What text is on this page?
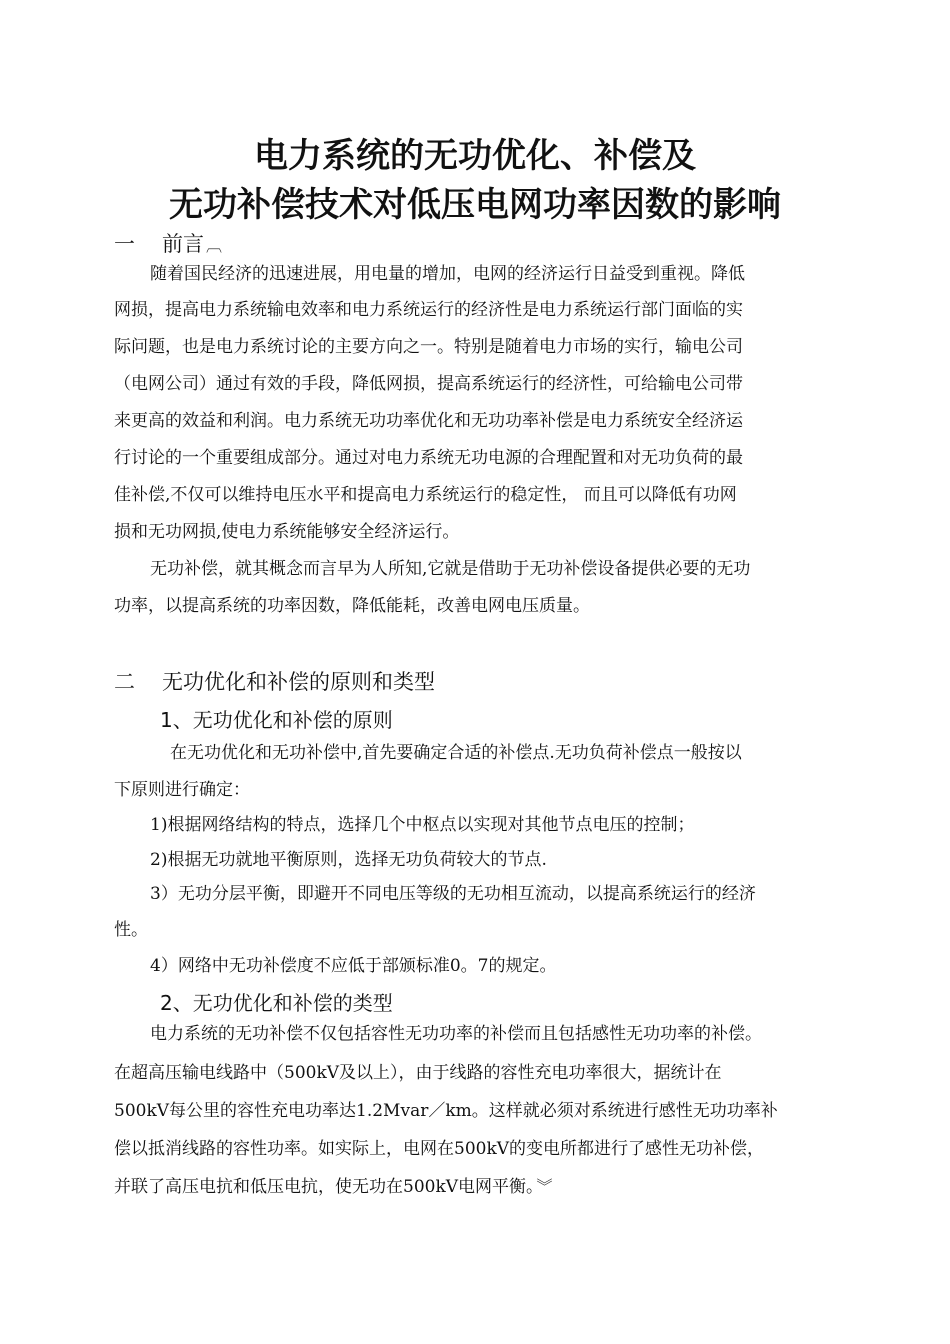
电力系统的无功优化、补偿及
无功补偿技术对低压电网功率因数的影响
一 前言 ︹
随着国民经济的迅速进展，用电量的增加，电网的经济运行日益受到重视。降低
网损，提高电力系统输电效率和电力系统运行的经济性是电力系统运行部门面临的实
际问题，也是电力系统讨论的主要方向之一。特别是随着电力市场的实行，输电公司
（电网公司）通过有效的手段，降低网损，提高系统运行的经济性，可给输电公司带
来更高的效益和利润。电力系统无功功率优化和无功功率补偿是电力系统安全经济运
行讨论的一个重要组成部分。通过对电力系统无功电源的合理配置和对无功负荷的最
佳补偿,不仅可以维持电压水平和提高电力系统运行的稳定性， 而且可以降低有功网
损和无功网损,使电力系统能够安全经济运行。
无功补偿，就其概念而言早为人所知,它就是借助于无功补偿设备提供必要的无功
功率，以提高系统的功率因数，降低能耗，改善电网电压质量。
二 无功优化和补偿的原则和类型
1、无功优化和补偿的原则
在无功优化和无功补偿中,首先要确定合适的补偿点.无功负荷补偿点一般按以
下原则进行确定：
1)根据网络结构的特点，选择几个中枢点以实现对其他节点电压的控制；
2)根据无功就地平衡原则，选择无功负荷较大的节点.
3）无功分层平衡，即避开不同电压等级的无功相互流动，以提高系统运行的经济
性。
4）网络中无功补偿度不应低于部颁标准0。7的规定。
2、无功优化和补偿的类型
电力系统的无功补偿不仅包括容性无功功率的补偿而且包括感性无功功率的补偿。
在超高压输电线路中（500kV及以上），由于线路的容性充电功率很大，据统计在
500kV每公里的容性充电功率达1.2Mvar／km。这样就必须对系统进行感性无功功率补
偿以抵消线路的容性功率。如实际上，电网在500kV的变电所都进行了感性无功补偿，
并联了高压电抗和低压电抗，使无功在500kV电网平衡。 ︾
